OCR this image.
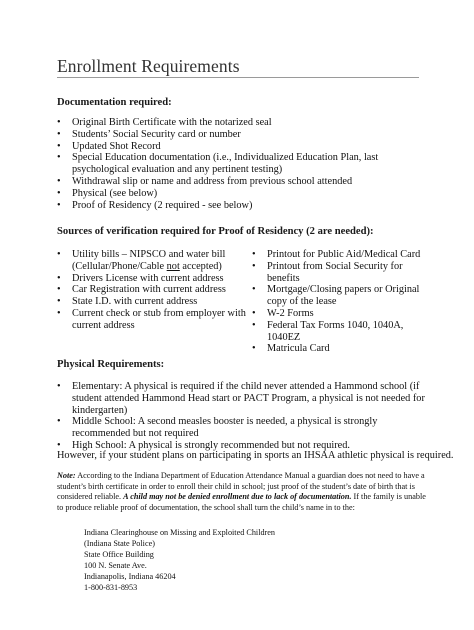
Enrollment Requirements
Documentation required:
• Original Birth Certificate with the notarized seal
• Students’ Social Security card or number
• Updated Shot Record
• Special Education documentation (i.e., Individualized Education Plan, last psychological evaluation and any pertinent testing)
• Withdrawal slip or name and address from previous school attended
• Physical (see below)
• Proof of Residency (2 required - see below)
Sources of verification required for Proof of Residency (2 are needed):
• Utility bills – NIPSCO and water bill
(Cellular/Phone/Cable not accepted)
• Drivers License with current address
• Car Registration with current address
• State I.D. with current address
• Current check or stub from employer with current address
• Printout for Public Aid/Medical Card
• Printout from Social Security for benefits
• Mortgage/Closing papers or Original copy of the lease
• W-2 Forms
• Federal Tax Forms 1040, 1040A, 1040EZ
• Matricula Card
Physical Requirements:
• Elementary: A physical is required if the child never attended a Hammond school (if student attended Hammond Head start or PACT Program, a physical is not needed for kindergarten)
• Middle School: A second measles booster is needed, a physical is strongly recommended but not required
• High School: A physical is strongly recommended but not required.
However, if your student plans on participating in sports an IHSAA athletic physical is required.
Note: According to the Indiana Department of Education Attendance Manual a guardian does not need to have a student’s birth certificate in order to enroll their child in school; just proof of the student’s date of birth that is considered reliable. A child may not be denied enrollment due to lack of documentation. If the family is unable to produce reliable proof of documentation, the school shall turn the child’s name in to the:
Indiana Clearinghouse on Missing and Exploited Children
(Indiana State Police)
State Office Building
100 N. Senate Ave.
Indianapolis, Indiana 46204
1-800-831-8953
